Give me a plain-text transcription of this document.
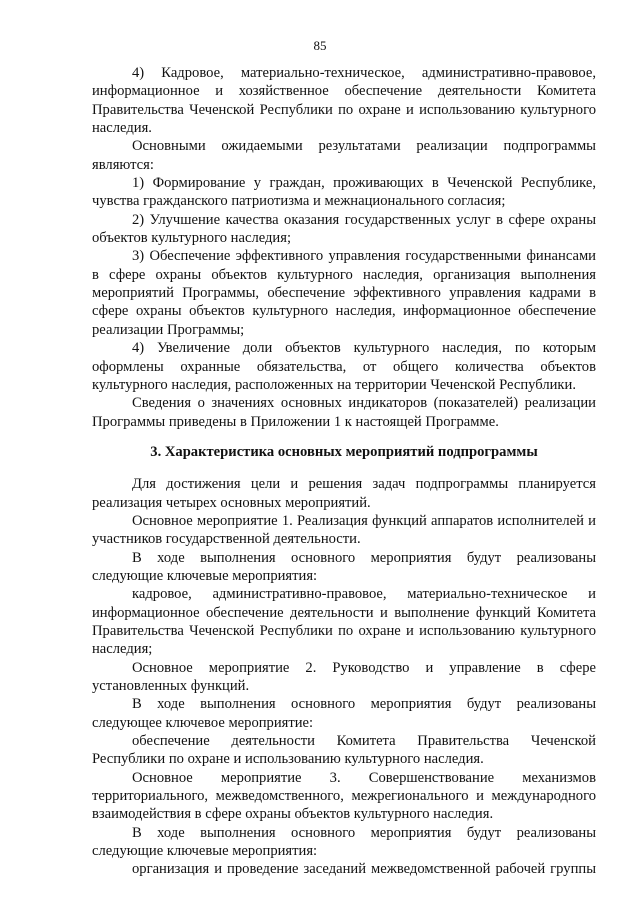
85

4) Кадровое, материально-техническое, административно-правовое, информационное и хозяйственное обеспечение деятельности Комитета Правительства Чеченской Республики по охране и использованию культурного наследия.

Основными ожидаемыми результатами реализации подпрограммы являются:

1) Формирование у граждан, проживающих в Чеченской Республике, чувства гражданского патриотизма и межнационального согласия;

2) Улучшение качества оказания государственных услуг в сфере охраны объектов культурного наследия;

3) Обеспечение эффективного управления государственными финансами в сфере охраны объектов культурного наследия, организация выполнения мероприятий Программы, обеспечение эффективного управления кадрами в сфере охраны объектов культурного наследия, информационное обеспечение реализации Программы;

4) Увеличение доли объектов культурного наследия, по которым оформлены охранные обязательства, от общего количества объектов культурного наследия, расположенных на территории Чеченской Республики.

Сведения о значениях основных индикаторов (показателей) реализации Программы приведены в Приложении 1 к настоящей Программе.

3. Характеристика основных мероприятий подпрограммы

Для достижения цели и решения задач подпрограммы планируется реализация четырех основных мероприятий.

Основное мероприятие 1. Реализация функций аппаратов исполнителей и участников государственной деятельности.

В ходе выполнения основного мероприятия будут реализованы следующие ключевые мероприятия:

кадровое, административно-правовое, материально-техническое и информационное обеспечение деятельности и выполнение функций Комитета Правительства Чеченской Республики по охране и использованию культурного наследия;

Основное мероприятие 2. Руководство и управление в сфере установленных функций.

В ходе выполнения основного мероприятия будут реализованы следующее ключевое мероприятие:

обеспечение деятельности Комитета Правительства Чеченской Республики по охране и использованию культурного наследия.

Основное мероприятие 3. Совершенствование механизмов территориального, межведомственного, межрегионального и международного взаимодействия в сфере охраны объектов культурного наследия.

В ходе выполнения основного мероприятия будут реализованы следующие ключевые мероприятия:

организация и проведение заседаний межведомственной рабочей группы
